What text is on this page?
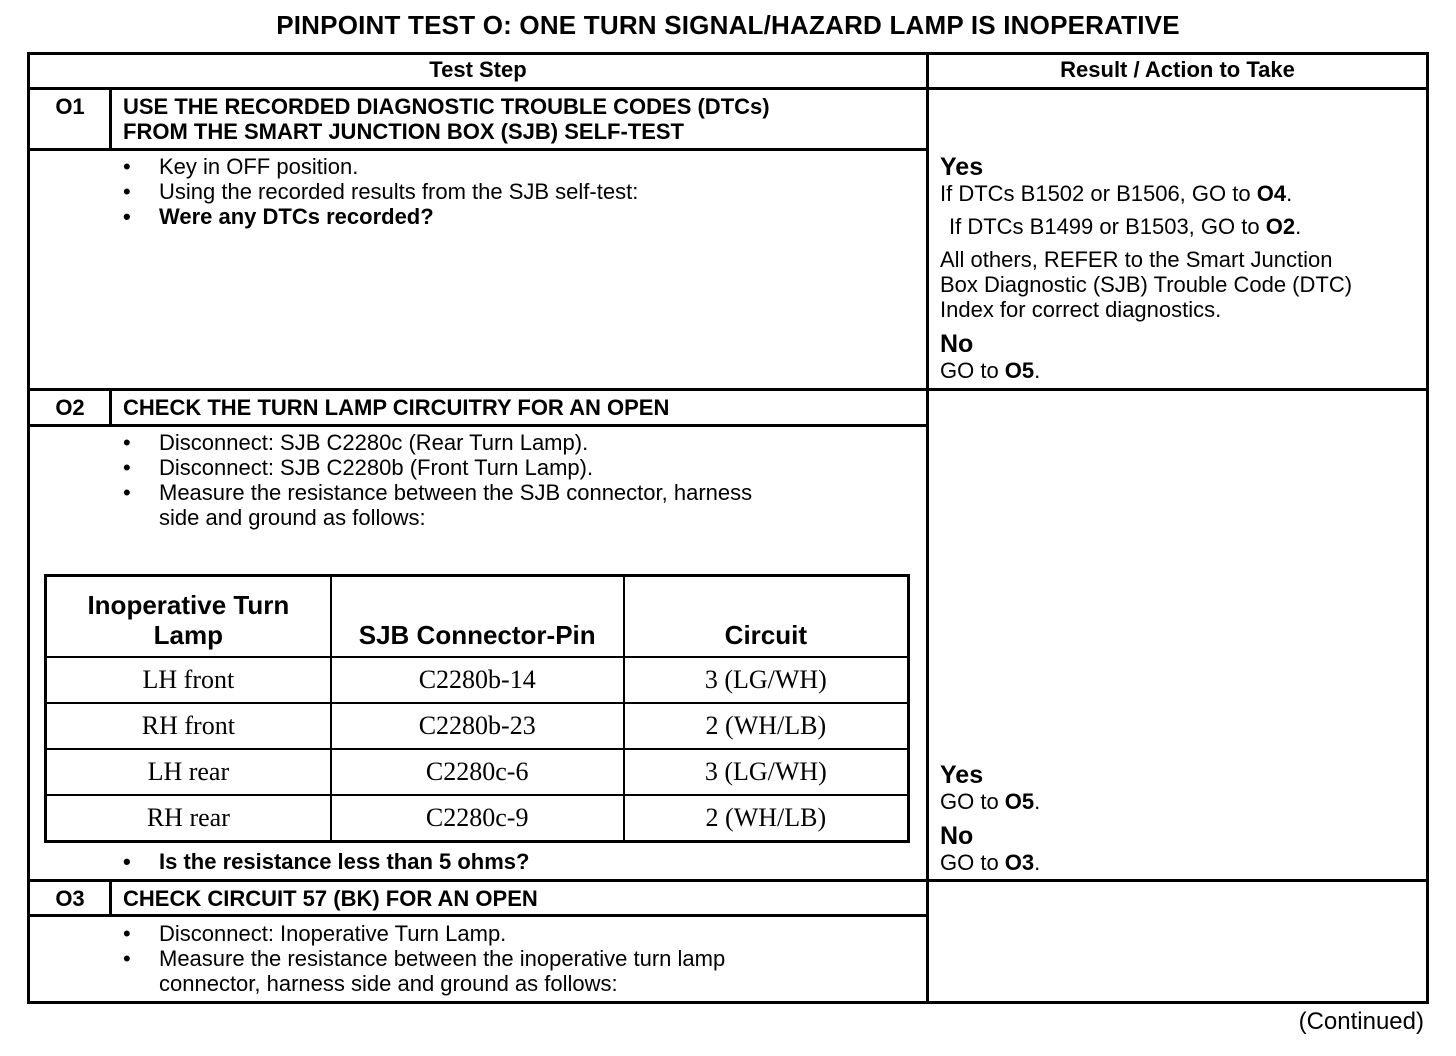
PINPOINT TEST O: ONE TURN SIGNAL/HAZARD LAMP IS INOPERATIVE
Test Step	Result / Action to Take
O1	USE THE RECORDED DIAGNOSTIC TROUBLE CODES (DTCs)
FROM THE SMART JUNCTION BOX (SJB) SELF-TEST
• Key in OFF position.
• Using the recorded results from the SJB self-test:
• Were any DTCs recorded?
Yes

If DTCs B1502 or B1506, GO to O4.

If DTCs B1499 or B1503, GO to O2.

All others, REFER to the Smart Junction

Box Diagnostic (SJB) Trouble Code (DTC)

Index for correct diagnostics.

No

GO to O5.

O2	CHECK THE TURN LAMP CIRCUITRY FOR AN OPEN
• Disconnect: SJB C2280c (Rear Turn Lamp).
• Disconnect: SJB C2280b (Front Turn Lamp).
• Measure the resistance between the SJB connector, harness
side and ground as follows:
Inoperative Turn Lamp	SJB Connector-Pin	Circuit
LH front	C2280b-14	3 (LG/WH)
RH front	C2280b-23	2 (WH/LB)
LH rear	C2280c-6	3 (LG/WH)
RH rear	C2280c-9	2 (WH/LB)
• Is the resistance less than 5 ohms?
Yes

GO to O5.

No

GO to O3.

O3	CHECK CIRCUIT 57 (BK) FOR AN OPEN
• Disconnect: Inoperative Turn Lamp.
• Measure the resistance between the inoperative turn lamp
connector, harness side and ground as follows:
(Continued)
